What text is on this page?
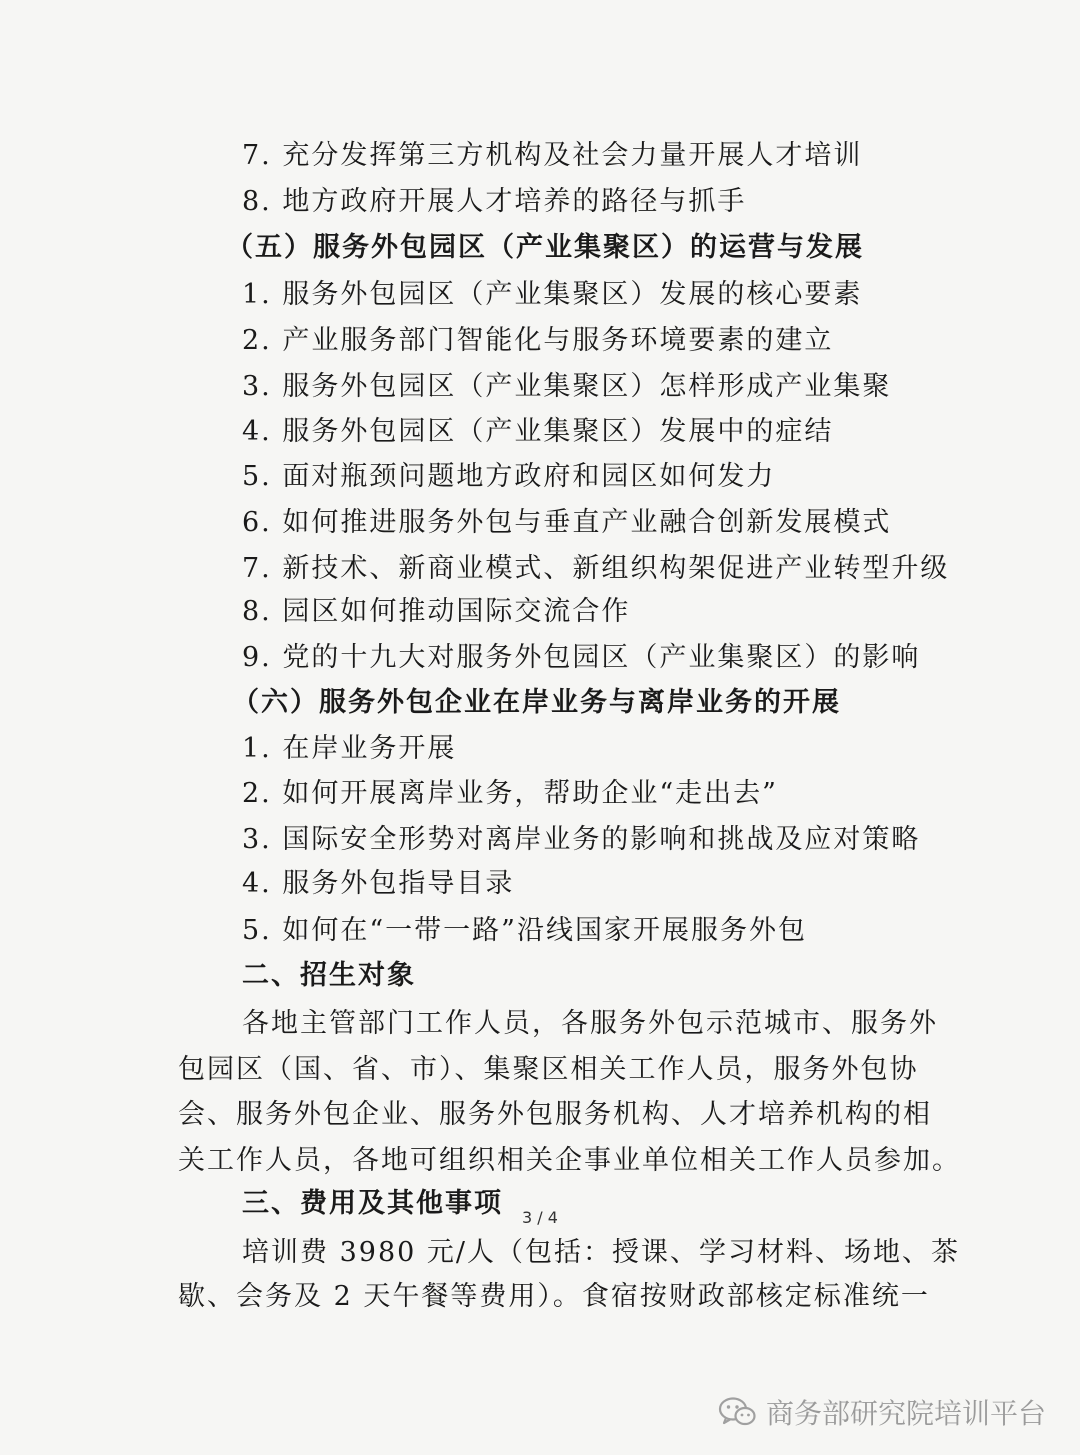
7. 充分发挥第三方机构及社会力量开展人才培训
8. 地方政府开展人才培养的路径与抓手
（五）服务外包园区（产业集聚区）的运营与发展
1. 服务外包园区（产业集聚区）发展的核心要素
2. 产业服务部门智能化与服务环境要素的建立
3. 服务外包园区（产业集聚区）怎样形成产业集聚
4. 服务外包园区（产业集聚区）发展中的症结
5. 面对瓶颈问题地方政府和园区如何发力
6. 如何推进服务外包与垂直产业融合创新发展模式
7. 新技术、新商业模式、新组织构架促进产业转型升级
8. 园区如何推动国际交流合作
9. 党的十九大对服务外包园区（产业集聚区）的影响
（六）服务外包企业在岸业务与离岸业务的开展
1. 在岸业务开展
2. 如何开展离岸业务，帮助企业“走出去”
3. 国际安全形势对离岸业务的影响和挑战及应对策略
4. 服务外包指导目录
5. 如何在“一带一路”沿线国家开展服务外包
二、招生对象
各地主管部门工作人员，各服务外包示范城市、服务外
包园区（国、省、市）、集聚区相关工作人员，服务外包协
会、服务外包企业、服务外包服务机构、人才培养机构的相
关工作人员，各地可组织相关企事业单位相关工作人员参加。
三、费用及其他事项
培训费 3980 元/人（包括：授课、学习材料、场地、茶
歇、会务及 2 天午餐等费用）。食宿按财政部核定标准统一
3 / 4
商务部研究院培训平台
